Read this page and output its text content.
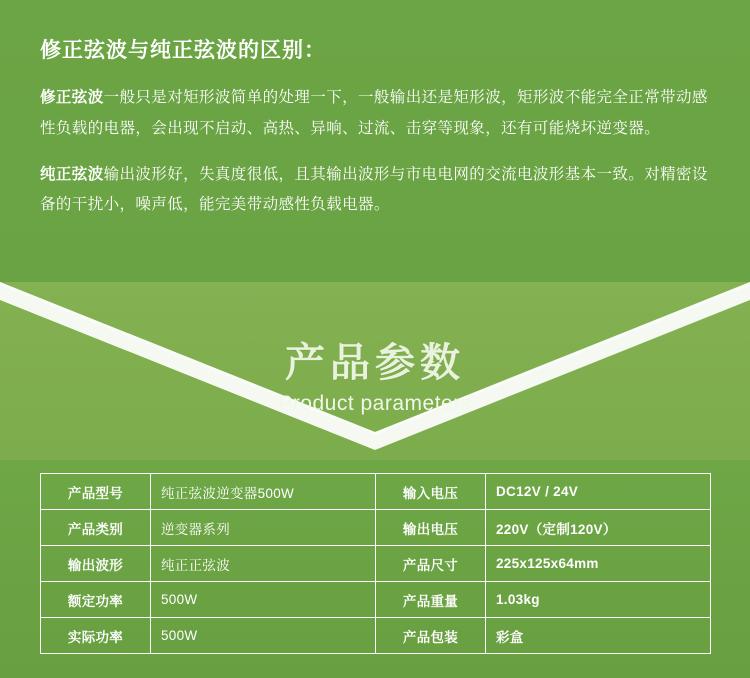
修正弦波与纯正弦波的区别：

修正弦波一般只是对矩形波简单的处理一下，一般输出还是矩形波，矩形波不能完全正常带动感性负载的电器，会出现不启动、高热、异响、过流、击穿等现象，还有可能烧坏逆变器。

纯正弦波输出波形好，失真度很低，且其输出波形与市电电网的交流电波形基本一致。对精密设备的干扰小，噪声低，能完美带动感性负载电器。

产品参数
Product parameters
产品型号	纯正弦波逆变器500W	输入电压	DC12V / 24V
产品类别	逆变器系列	输出电压	220V（定制120V）
输出波形	纯正正弦波	产品尺寸	225x125x64mm
额定功率	500W	产品重量	1.03kg
实际功率	500W	产品包装	彩盒
